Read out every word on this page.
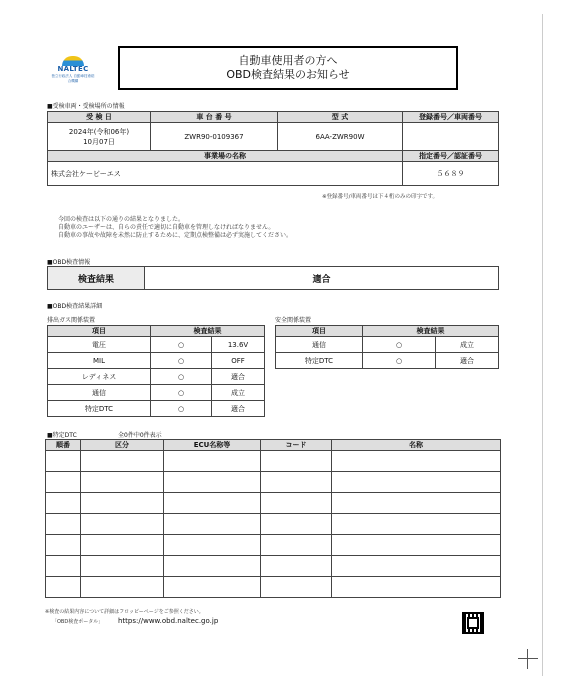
NALTEC
独立行政法人 自動車技術総合機構
自動車使用者の方へ
OBD検査結果のお知らせ
■受検車両・受検場所の情報
受 検 日	車 台 番 号	型 式	登録番号／車両番号

2024年(令和06年)
10月07日	ZWR90-0109367	6AA-ZWR90W	
事業場の名称			指定番号／認証番号
株式会社ケービーエス			５６８９
※登録番号/車両番号は下４桁のみの印字です。
今回の検査は以下の通りの結果となりました。
自動車のユーザーは、自らの責任で適切に自動車を管理しなければなりません。
自動車の事故や故障を未然に防止するために、定期点検整備は必ず実施してください。
■OBD検査情報
検査結果	適合
■OBD検査結果詳細
排出ガス関係装置	安全関係装置
項目	検査結果	
電圧	○	13.6V
MIL	○	OFF
レディネス	○	適合
通信	○	成立
特定DTC	○	適合
項目	検査結果	
通信	○	成立
特定DTC	○	適合
■特定DTC	全0件中0件表示
順番	区分	ECU名称等	コード	名称

※検査の結果内容について詳細はフロッピーページをご参照ください。
「OBD検査ポータル」 https://www.obd.naltec.go.jp
